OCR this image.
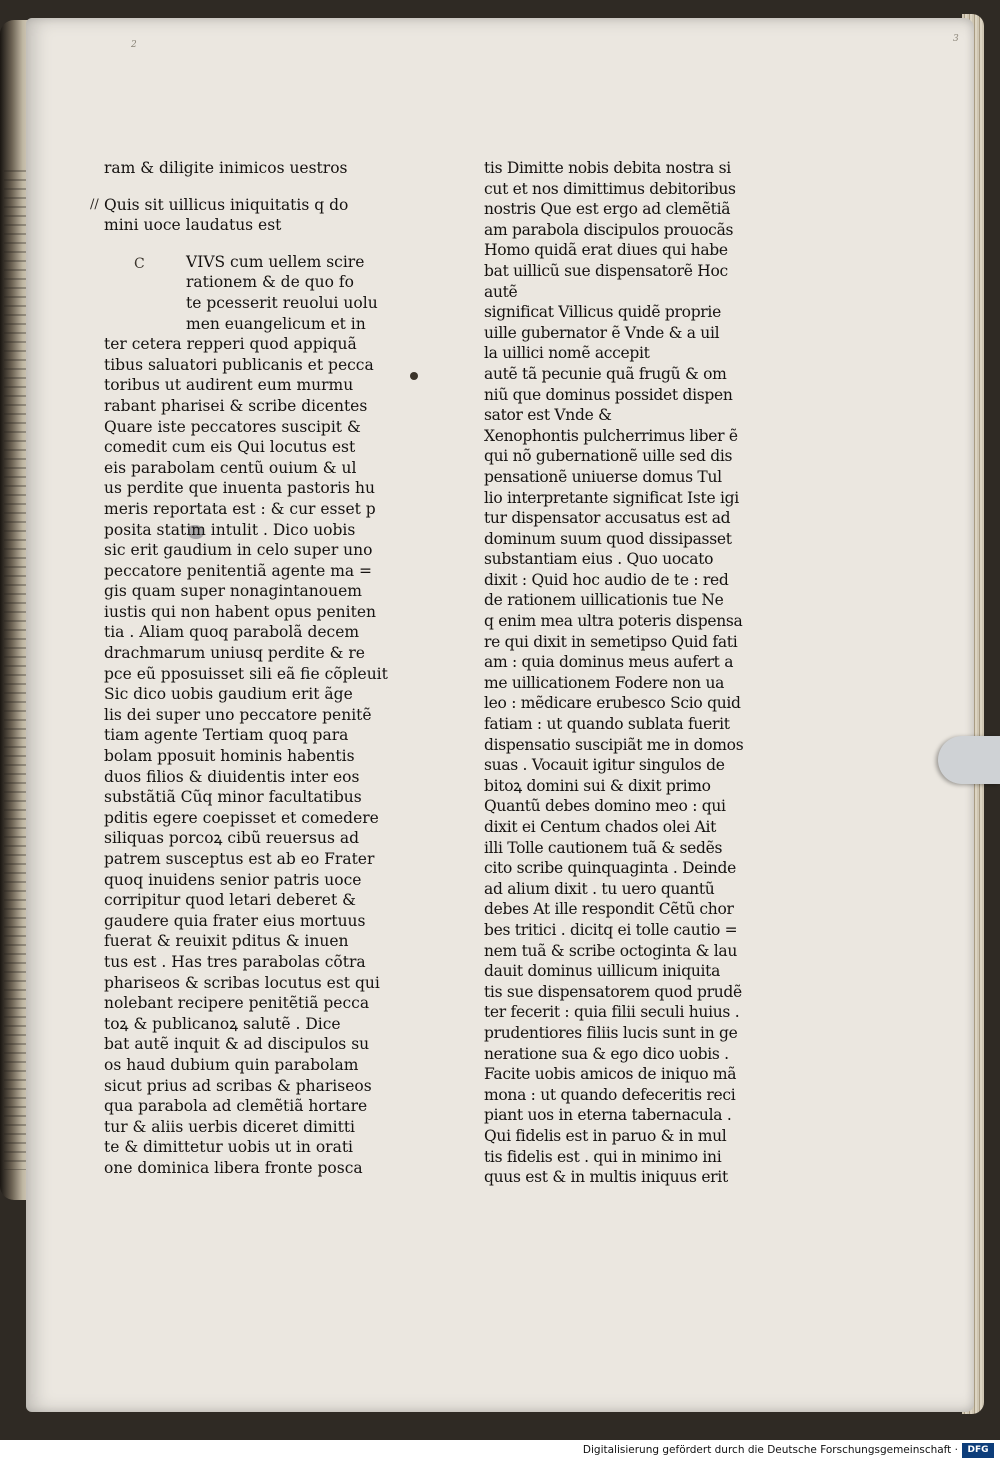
2
3
ram & diligite inimicos uestros
// Quis sit uillicus iniquitatis q do
mini uoce laudatus est
C	VIVS cum uellem scire
rationem & de quo fo
te pcesserit reuolui uolu
men euangelicum et in
ter cetera repperi quod appiquã
tibus saluatori publicanis et pecca
toribus ut audirent eum murmu
rabant pharisei & scribe dicentes
Quare iste peccatores suscipit &
comedit cum eis Qui locutus est
eis parabolam centũ ouium & ul
us perdite que inuenta pastoris hu
meris reportata est : & cur esset p
posita statim intulit . Dico uobis
sic erit gaudium in celo super uno
peccatore penitentiã agente ma =
gis quam super nonagintanouem
iustis qui non habent opus peniten
tia . Aliam quoq parabolã decem
drachmarum uniusq perdite & re
pce eũ pposuisset sili eã fie cõpleuit
Sic dico uobis gaudium erit ãge
lis dei super uno peccatore penitẽ
tiam agente Tertiam quoq para
bolam pposuit hominis habentis
duos filios & diuidentis inter eos
substãtiã Cũq minor facultatibus
pditis egere coepisset et comedere
siliquas porcoꝝ cibũ reuersus ad
patrem susceptus est ab eo Frater
quoq inuidens senior patris uoce
corripitur quod letari deberet &
gaudere quia frater eius mortuus
fuerat & reuixit pditus & inuen
tus est . Has tres parabolas cõtra
phariseos & scribas locutus est qui
nolebant recipere penitẽtiã pecca
toꝝ & publicanoꝝ salutẽ . Dice
bat autẽ inquit & ad discipulos su
os haud dubium quin parabolam
sicut prius ad scribas & phariseos
qua parabola ad clemẽtiã hortare
tur & aliis uerbis diceret dimitti
te & dimittetur uobis ut in orati
one dominica libera fronte posca
tis Dimitte nobis debita nostra si
cut et nos dimittimus debitoribus
nostris Que est ergo ad clemẽtiã
am parabola discipulos prouocãs
Homo quidã erat diues qui habe
bat uillicũ sue dispensatorẽ Hoc
autẽ
significat Villicus quidẽ proprie
uille gubernator ẽ Vnde & a uil
la uillici nomẽ accepit
autẽ tã pecunie quã frugũ & om
niũ que dominus possidet dispen
sator est Vnde &
Xenophontis pulcherrimus liber ẽ
qui nõ gubernationẽ uille sed dis
pensationẽ uniuerse domus Tul
lio interpretante significat Iste igi
tur dispensator accusatus est ad
dominum suum quod dissipasset
substantiam eius . Quo uocato
dixit : Quid hoc audio de te : red
de rationem uillicationis tue Ne
q enim mea ultra poteris dispensa
re qui dixit in semetipso Quid fati
am : quia dominus meus aufert a
me uillicationem Fodere non ua
leo : mẽdicare erubesco Scio quid
fatiam : ut quando sublata fuerit
dispensatio suscipiãt me in domos
suas . Vocauit igitur singulos de
bitoꝝ domini sui & dixit primo
Quantũ debes domino meo : qui
dixit ei Centum chados olei Ait
illi Tolle cautionem tuã & sedẽs
cito scribe quinquaginta . Deinde
ad alium dixit . tu uero quantũ
debes At ille respondit Cẽtũ chor
bes tritici . dicitq ei tolle cautio =
nem tuã & scribe octoginta & lau
dauit dominus uillicum iniquita
tis sue dispensatorem quod prudẽ
ter fecerit : quia filii seculi huius .
prudentiores filiis lucis sunt in ge
neratione sua & ego dico uobis .
Facite uobis amicos de iniquo mã
mona : ut quando defeceritis reci
piant uos in eterna tabernacula .
Qui fidelis est in paruo & in mul
tis fidelis est . qui in minimo ini
quus est & in multis iniquus erit
Digitalisierung gefördert durch die Deutsche Forschungsgemeinschaft ·	DFG
